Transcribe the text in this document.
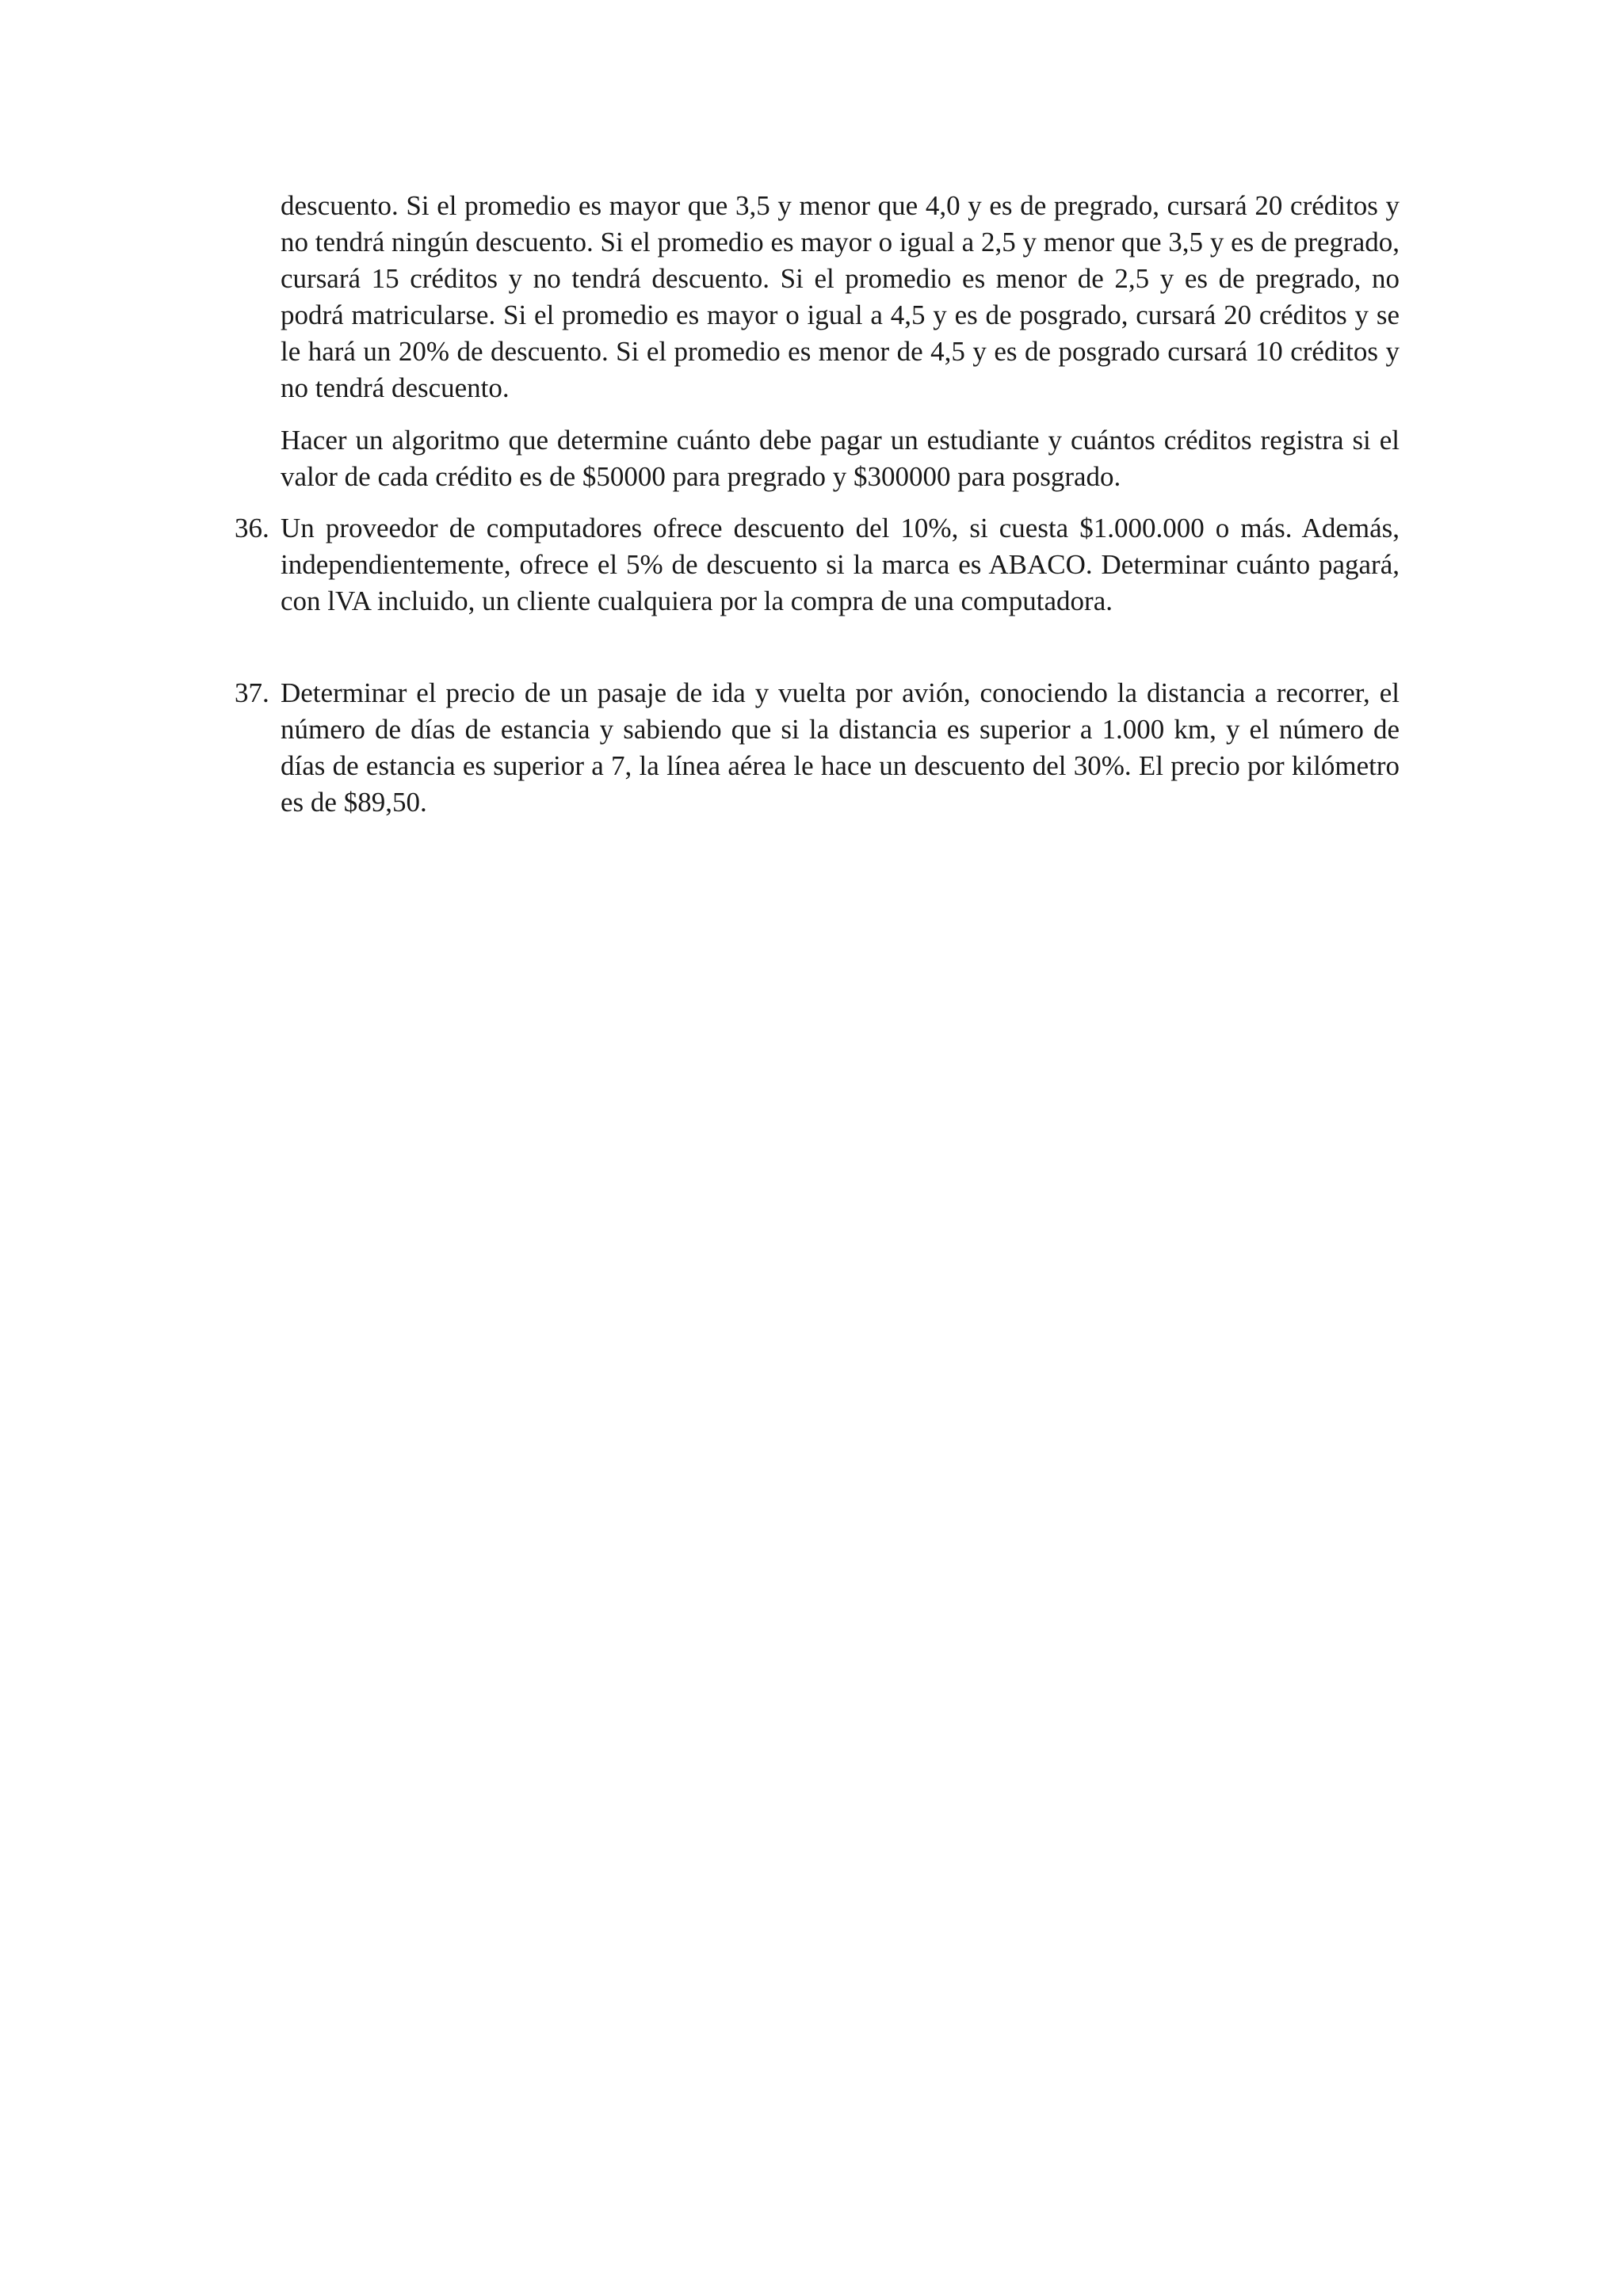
descuento. Si el promedio es mayor que 3,5 y menor que 4,0 y es de pregrado, cursará 20 créditos y no tendrá ningún descuento. Si el promedio es mayor o igual a 2,5 y menor que 3,5 y es de pregrado, cursará 15 créditos y no tendrá descuento. Si el promedio es menor de 2,5 y es de pregrado, no podrá matricularse. Si el promedio es mayor o igual a 4,5 y es de posgrado, cursará 20 créditos y se le hará un 20% de descuento. Si el promedio es menor de 4,5 y es de posgrado cursará 10 créditos y no tendrá descuento.

Hacer un algoritmo que determine cuánto debe pagar un estudiante y cuántos créditos registra si el valor de cada crédito es de $50000 para pregrado y $300000 para posgrado.

36. Un proveedor de computadores ofrece descuento del 10%, si cuesta $1.000.000 o más. Además, independientemente, ofrece el 5% de descuento si la marca es ABACO. Determinar cuánto pagará, con lVA incluido, un cliente cualquiera por la compra de una computadora.
37. Determinar el precio de un pasaje de ida y vuelta por avión, conociendo la distancia a recorrer, el número de días de estancia y sabiendo que si la distancia es superior a 1.000 km, y el número de días de estancia es superior a 7, la línea aérea le hace un descuento del 30%. El precio por kilómetro es de $89,50.
